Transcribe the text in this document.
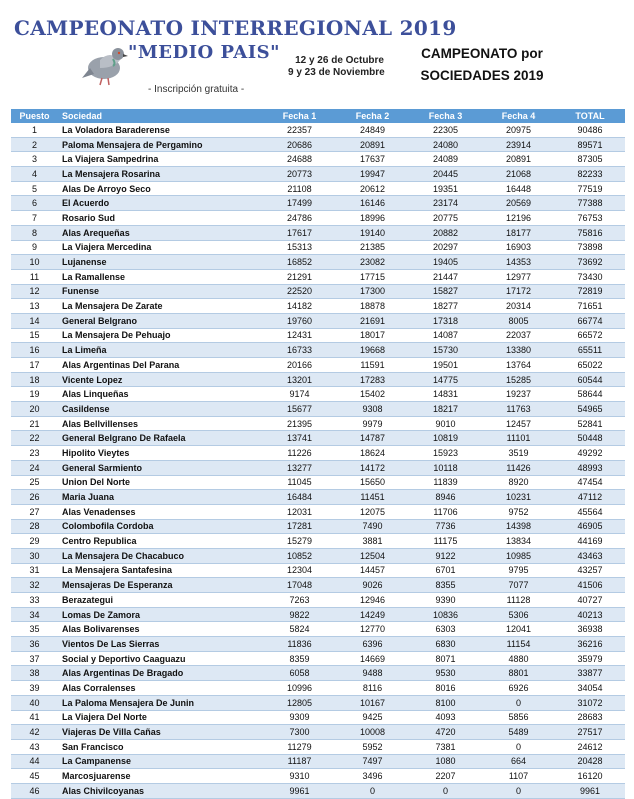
CAMPEONATO INTERREGIONAL 2019
"MEDIO PAIS"	12 y 26 de Octubre
9 y 23 de Noviembre
- Inscripción gratuita -
CAMPEONATO por
SOCIEDADES 2019
Puesto	Sociedad	Fecha 1	Fecha 2	Fecha 3	Fecha 4	TOTAL
1	La Voladora Baraderense	22357	24849	22305	20975	90486
2	Paloma Mensajera de Pergamino	20686	20891	24080	23914	89571
3	La Viajera Sampedrina	24688	17637	24089	20891	87305
4	La Mensajera Rosarina	20773	19947	20445	21068	82233
5	Alas De Arroyo Seco	21108	20612	19351	16448	77519
6	El Acuerdo	17499	16146	23174	20569	77388
7	Rosario Sud	24786	18996	20775	12196	76753
8	Alas Arequeñas	17617	19140	20882	18177	75816
9	La Viajera Mercedina	15313	21385	20297	16903	73898
10	Lujanense	16852	23082	19405	14353	73692
11	La Ramallense	21291	17715	21447	12977	73430
12	Funense	22520	17300	15827	17172	72819
13	La Mensajera De Zarate	14182	18878	18277	20314	71651
14	General Belgrano	19760	21691	17318	8005	66774
15	La Mensajera De Pehuajo	12431	18017	14087	22037	66572
16	La Limeña	16733	19668	15730	13380	65511
17	Alas Argentinas Del Parana	20166	11591	19501	13764	65022
18	Vicente Lopez	13201	17283	14775	15285	60544
19	Alas Linqueñas	9174	15402	14831	19237	58644
20	Casildense	15677	9308	18217	11763	54965
21	Alas Bellvillenses	21395	9979	9010	12457	52841
22	General Belgrano De Rafaela	13741	14787	10819	11101	50448
23	Hipolito Vieytes	11226	18624	15923	3519	49292
24	General Sarmiento	13277	14172	10118	11426	48993
25	Union Del Norte	11045	15650	11839	8920	47454
26	Maria Juana	16484	11451	8946	10231	47112
27	Alas Venadenses	12031	12075	11706	9752	45564
28	Colombofila Cordoba	17281	7490	7736	14398	46905
29	Centro Republica	15279	3881	11175	13834	44169
30	La Mensajera De Chacabuco	10852	12504	9122	10985	43463
31	La Mensajera Santafesina	12304	14457	6701	9795	43257
32	Mensajeras De Esperanza	17048	9026	8355	7077	41506
33	Berazategui	7263	12946	9390	11128	40727
34	Lomas De Zamora	9822	14249	10836	5306	40213
35	Alas Bolivarenses	5824	12770	6303	12041	36938
36	Vientos De Las Sierras	11836	6396	6830	11154	36216
37	Social y Deportivo Caaguazu	8359	14669	8071	4880	35979
38	Alas Argentinas De Bragado	6058	9488	9530	8801	33877
39	Alas Corralenses	10996	8116	8016	6926	34054
40	La Paloma Mensajera De Junin	12805	10167	8100	0	31072
41	La Viajera Del Norte	9309	9425	4093	5856	28683
42	Viajeras De Villa Cañas	7300	10008	4720	5489	27517
43	San Francisco	11279	5952	7381	0	24612
44	La Campanense	11187	7497	1080	664	20428
45	Marcosjuarense	9310	3496	2207	1107	16120
46	Alas Chivilcoyanas	9961	0	0	0	9961
